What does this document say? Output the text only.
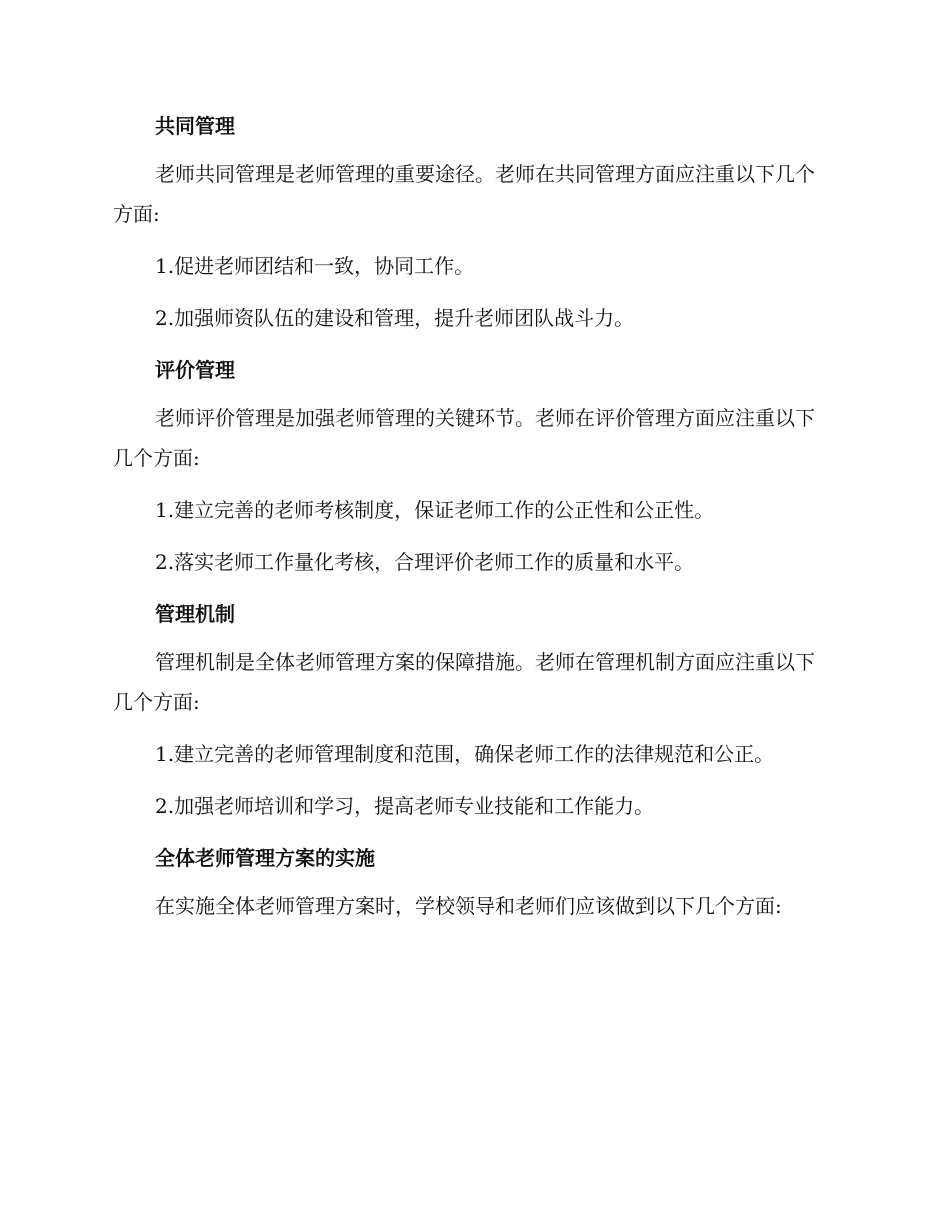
共同管理

老师共同管理是老师管理的重要途径。老师在共同管理方面应注重以下几个方面:

1.促进老师团结和一致，协同工作。

2.加强师资队伍的建设和管理，提升老师团队战斗力。

评价管理

老师评价管理是加强老师管理的关键环节。老师在评价管理方面应注重以下几个方面:

1.建立完善的老师考核制度，保证老师工作的公正性和公正性。

2.落实老师工作量化考核，合理评价老师工作的质量和水平。

管理机制

管理机制是全体老师管理方案的保障措施。老师在管理机制方面应注重以下几个方面:

1.建立完善的老师管理制度和范围，确保老师工作的法律规范和公正。

2.加强老师培训和学习，提高老师专业技能和工作能力。

全体老师管理方案的实施

在实施全体老师管理方案时，学校领导和老师们应该做到以下几个方面:
